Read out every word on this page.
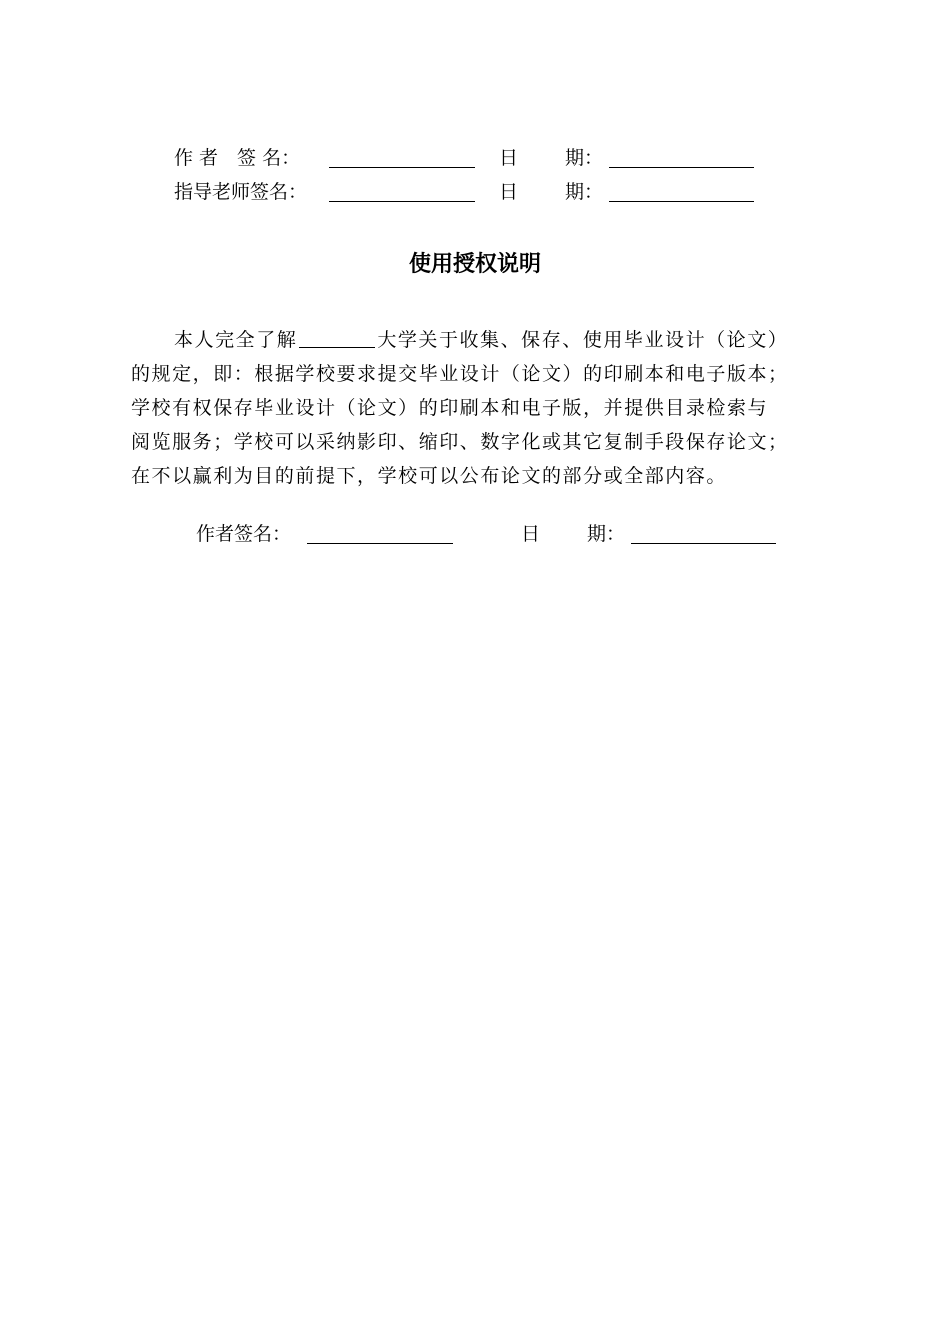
作 者　签 名：	日 期：
指导老师签名：	日 期：
使用授权说明
本人完全了解	大学关于收集、保存、使用毕业设计（论文）
的规定，即：根据学校要求提交毕业设计（论文）的印刷本和电子版本；
学校有权保存毕业设计（论文）的印刷本和电子版，并提供目录检索与
阅览服务；学校可以采纳影印、缩印、数字化或其它复制手段保存论文；
在不以赢利为目的前提下，学校可以公布论文的部分或全部内容。
作者签名：	日 期：
